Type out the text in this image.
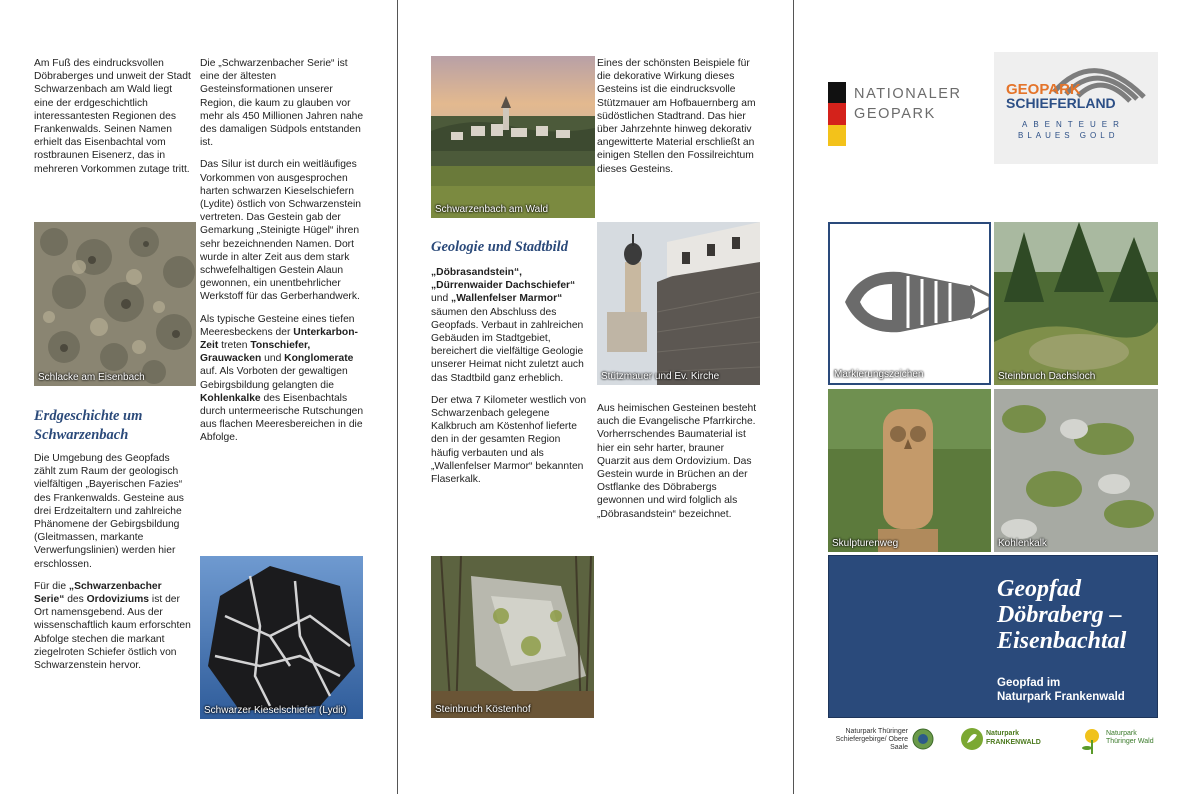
Am Fuß des eindrucksvollen Döbraberges und unweit der Stadt Schwarzenbach am Wald liegt eine der erdgeschichtlich interessantesten Regionen des Frankenwalds. Seinen Namen erhielt das Eisenbachtal vom rostbraunen Eisenerz, das in mehreren Vorkommen zutage tritt.

Schlacke am Eisenbach
Erdgeschichte um Schwarzenbach

Die Umgebung des Geopfads zählt zum Raum der geologisch vielfältigen „Bayerischen Fazies“ des Frankenwalds. Gesteine aus drei Erdzeitaltern und zahlreiche Phänomene der Gebirgsbildung (Gleitmassen, markante Verwerfungslinien) werden hier erschlossen.

Für die „Schwarzenbacher Serie“ des Ordoviziums ist der Ort namensgebend. Aus der wissenschaftlich kaum erforschten Abfolge stechen die markant ziegelroten Schiefer östlich von Schwarzenstein hervor.

Die „Schwarzenbacher Serie“ ist eine der ältesten Gesteinsformationen unserer Region, die kaum zu glauben vor mehr als 450 Millionen Jahren nahe des damaligen Südpols entstanden ist.

Das Silur ist durch ein weitläufiges Vorkommen von ausgesprochen harten schwarzen Kieselschiefern (Lydite) östlich von Schwarzenstein vertreten. Das Gestein gab der Gemarkung „Steinigte Hügel“ ihren sehr bezeichnenden Namen. Dort wurde in alter Zeit aus dem stark schwefelhaltigen Gestein Alaun gewonnen, ein unentbehrlicher Werkstoff für das Gerberhandwerk.

Als typische Gesteine eines tiefen Meeresbeckens der Unterkarbon-Zeit treten Tonschiefer, Grauwacken und Konglomerate auf. Als Vorboten der gewaltigen Gebirgsbildung gelangten die Kohlenkalke des Eisenbachtals durch untermeerische Rutschungen aus flachen Meeresbereichen in die Abfolge.

Schwarzer Kieselschiefer (Lydit)
Schwarzenbach am Wald
Geologie und Stadtbild

„Döbrasandstein“, „Dürrenwaider Dachschiefer“ und „Wallenfelser Marmor“ säumen den Abschluss des Geopfads. Verbaut in zahlreichen Gebäuden im Stadtgebiet, bereichert die vielfältige Geologie unserer Heimat nicht zuletzt auch das Stadtbild ganz erheblich.

Der etwa 7 Kilometer westlich von Schwarzenbach gelegene Kalkbruch am Köstenhof lieferte den in der gesamten Region häufig verbauten und als „Wallenfelser Marmor“ bekannten Flaserkalk.

Steinbruch Köstenhof

Eines der schönsten Beispiele für die dekorative Wirkung dieses Gesteins ist die eindrucksvolle Stützmauer am Hofbauernberg am südöstlichen Stadtrand. Das hier über Jahrzehnte hinweg dekorativ angewitterte Material erschließt an einigen Stellen den Fossilreichtum dieses Gesteins.

Stützmauer und Ev. Kirche

Aus heimischen Gesteinen besteht auch die Evangelische Pfarrkirche. Vorherrschendes Baumaterial ist hier ein sehr harter, brauner Quarzit aus dem Ordovizium. Das Gestein wurde in Brüchen an der Ostflanke des Döbrabergs gewonnen und wird folglich als „Döbrasandstein“ bezeichnet.

NATIONALER
GEOPARK
GEOPARK
SCHIEFERLAND
ABENTEUER
BLAUES GOLD
Markierungszeichen	Steinbruch Dachsloch
Skulpturenweg	Kohlenkalk
Geopfad
Döbraberg –
Eisenbachtal
Geopfad im
Naturpark Frankenwald
Naturpark Thüringer Schiefergebirge/ Obere Saale
Naturpark FRANKENWALD
Naturpark Thüringer Wald
